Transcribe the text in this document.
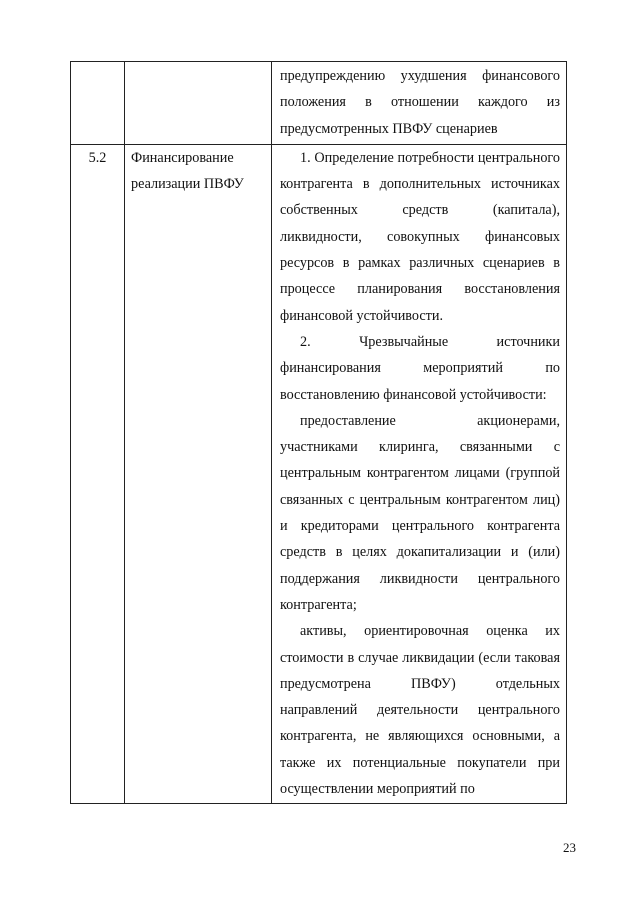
		предупреждению ухудшения финансового положения в отношении каждого из предусмотренных ПВФУ сценариев

5.2	Финансирование реализации ПВФУ	1. Определение потребности центрального контрагента в дополнительных источниках собственных средств (капитала), ликвидности, совокупных финансовых ресурсов в рамках различных сценариев в процессе планирования восстановления финансовой устойчивости.

2. Чрезвычайные источники финансирования мероприятий по восстановлению финансовой устойчивости:

предоставление акционерами, участниками клиринга, связанными с центральным контрагентом лицами (группой связанных с центральным контрагентом лиц) и кредиторами центрального контрагента средств в целях докапитализации и (или) поддержания ликвидности центрального контрагента;

активы, ориентировочная оценка их стоимости в случае ликвидации (если таковая предусмотрена ПВФУ) отдельных направлений деятельности центрального контрагента, не являющихся основными, а также их потенциальные покупатели при осуществлении мероприятий по

23
